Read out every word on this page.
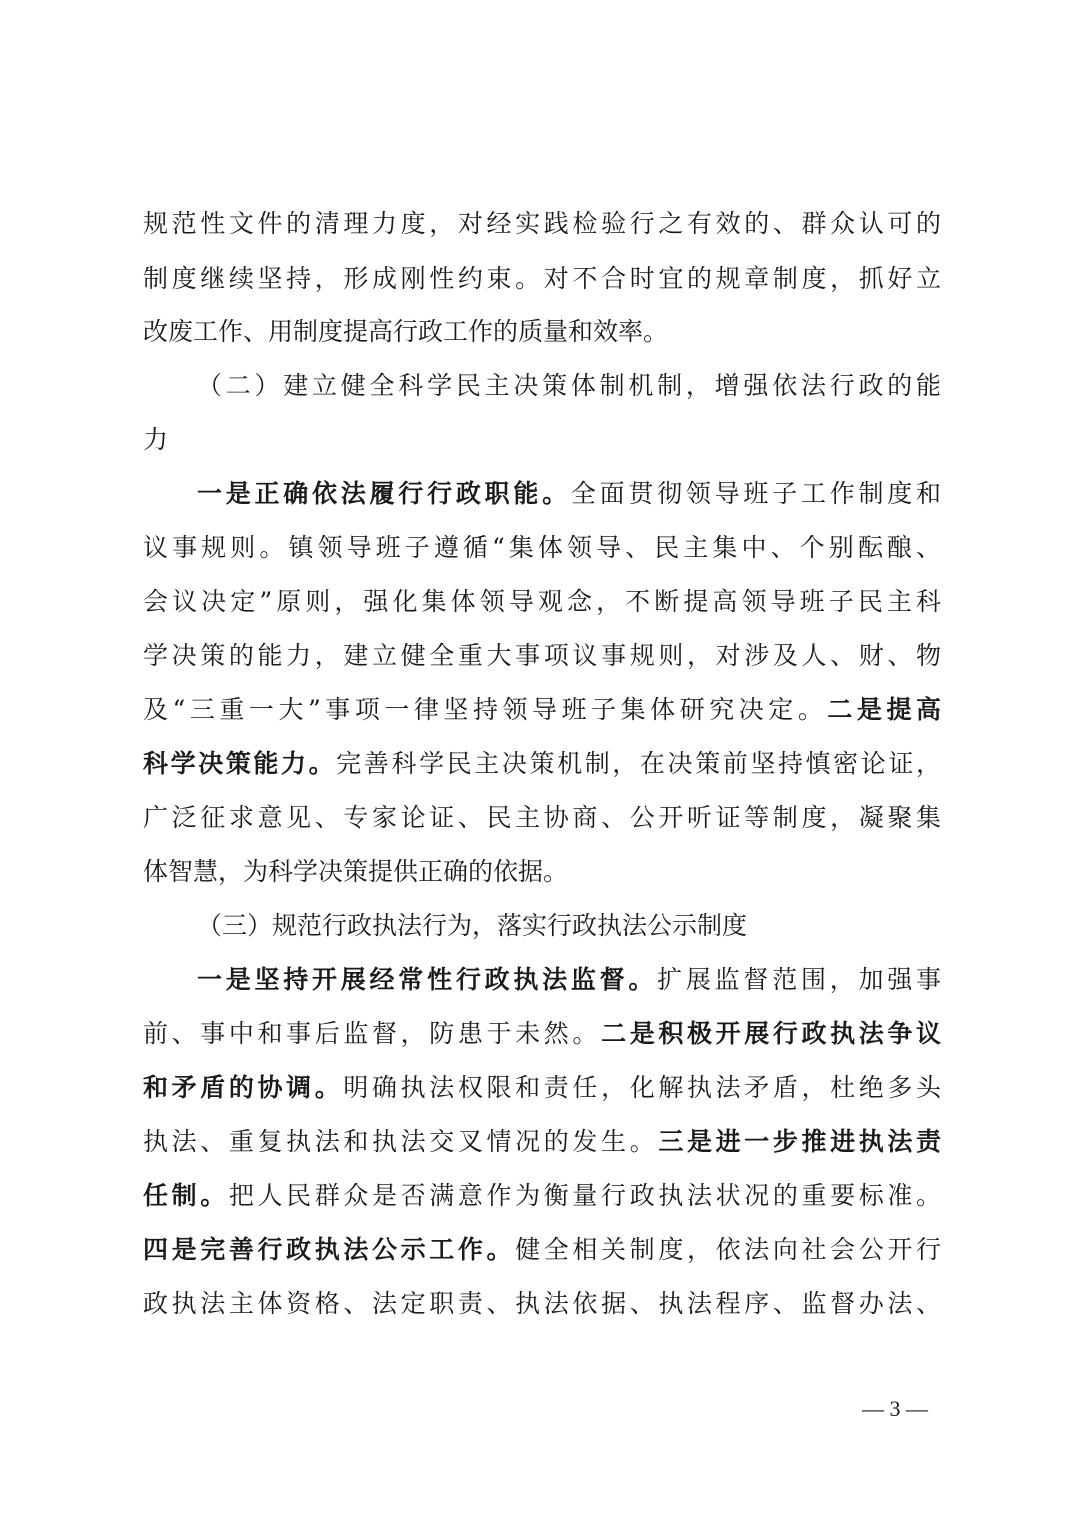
规范性文件的清理力度，对经实践检验行之有效的、群众认可的
制度继续坚持，形成刚性约束。对不合时宜的规章制度，抓好立
改废工作、用制度提高行政工作的质量和效率。
（二）建立健全科学民主决策体制机制，增强依法行政的能
力
一是正确依法履行行政职能。全面贯彻领导班子工作制度和
议事规则。镇领导班子遵循“集体领导、民主集中、个别酝酿、
会议决定”原则，强化集体领导观念，不断提高领导班子民主科
学决策的能力，建立健全重大事项议事规则，对涉及人、财、物
及“三重一大”事项一律坚持领导班子集体研究决定。二是提高
科学决策能力。完善科学民主决策机制，在决策前坚持慎密论证，
广泛征求意见、专家论证、民主协商、公开听证等制度，凝聚集
体智慧，为科学决策提供正确的依据。
（三）规范行政执法行为，落实行政执法公示制度
一是坚持开展经常性行政执法监督。扩展监督范围，加强事
前、事中和事后监督，防患于未然。二是积极开展行政执法争议
和矛盾的协调。明确执法权限和责任，化解执法矛盾，杜绝多头
执法、重复执法和执法交叉情况的发生。三是进一步推进执法责
任制。把人民群众是否满意作为衡量行政执法状况的重要标准。
四是完善行政执法公示工作。健全相关制度，依法向社会公开行
政执法主体资格、法定职责、执法依据、执法程序、监督办法、
— 3 —
